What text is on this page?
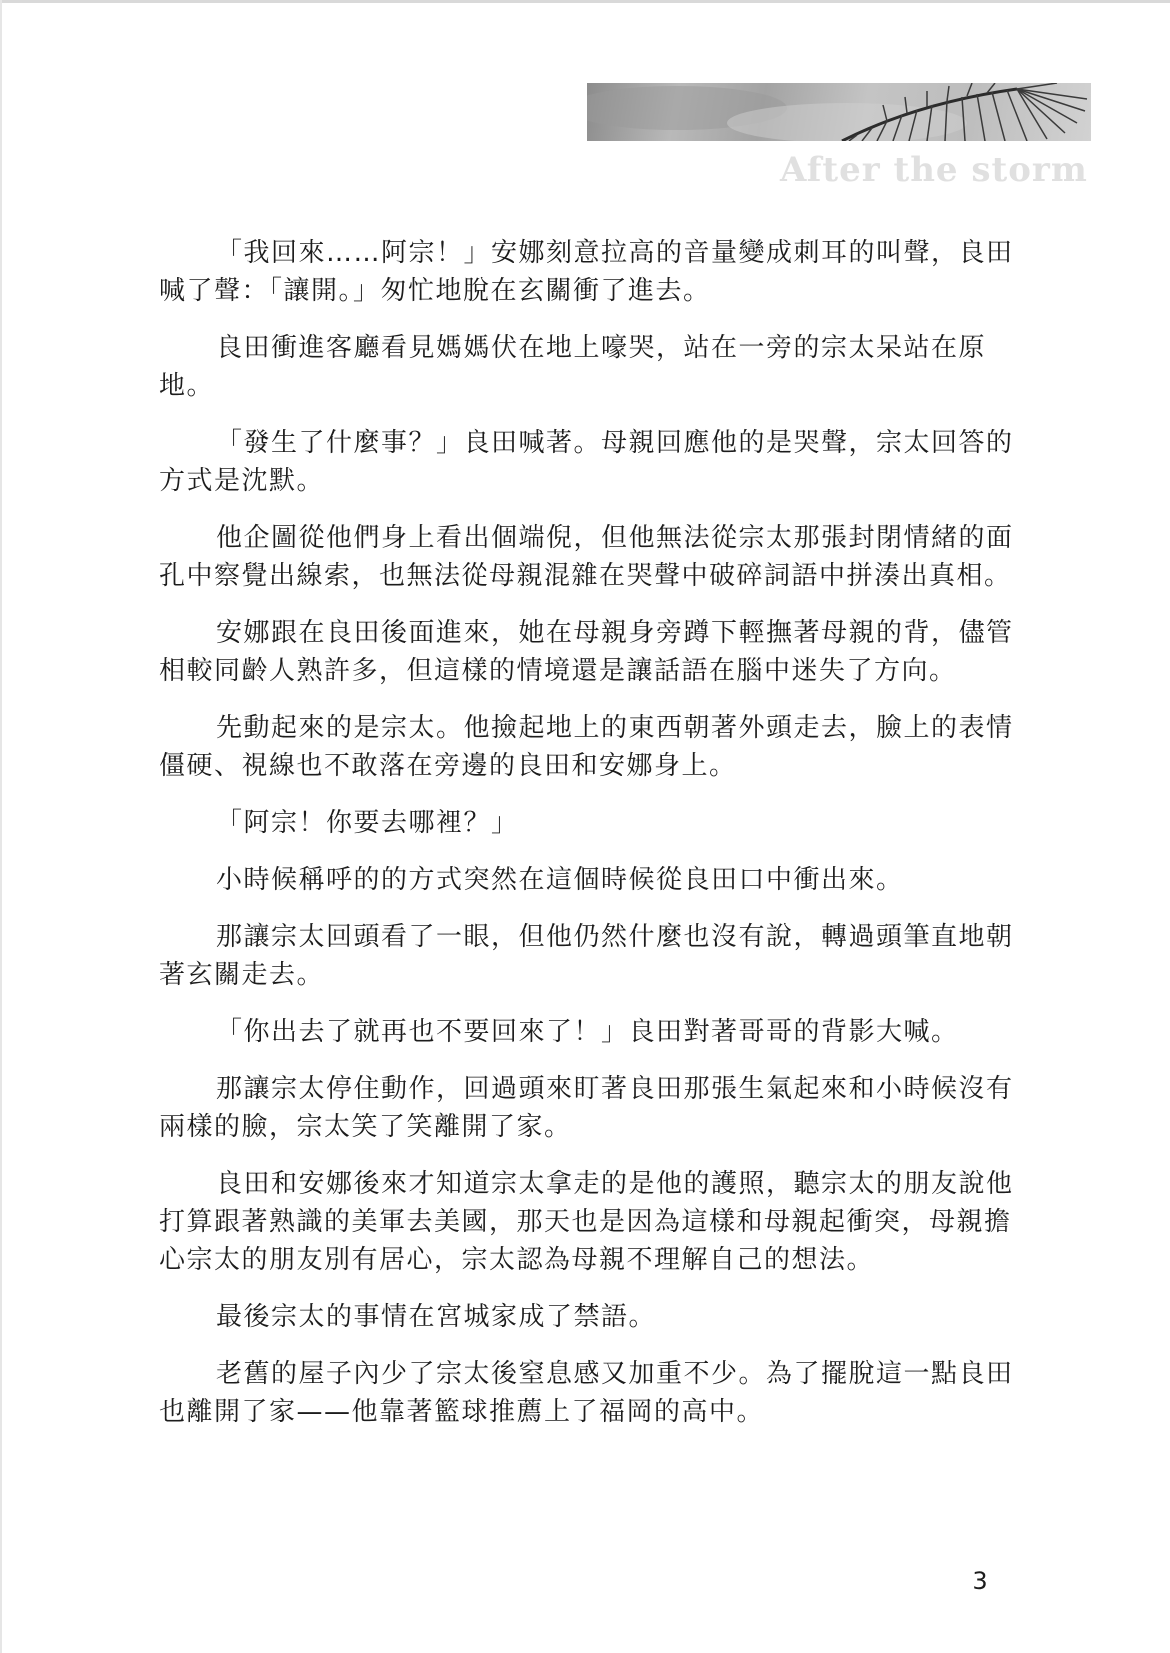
After the storm

「我回來……阿宗！」安娜刻意拉高的音量變成刺耳的叫聲，良田喊了聲：「讓開。」匆忙地脫在玄關衝了進去。

良田衝進客廳看見媽媽伏在地上嚎哭，站在一旁的宗太呆站在原地。

「發生了什麼事？」良田喊著。母親回應他的是哭聲，宗太回答的方式是沈默。

他企圖從他們身上看出個端倪，但他無法從宗太那張封閉情緒的面孔中察覺出線索，也無法從母親混雜在哭聲中破碎詞語中拼湊出真相。

安娜跟在良田後面進來，她在母親身旁蹲下輕撫著母親的背，儘管相較同齡人熟許多，但這樣的情境還是讓話語在腦中迷失了方向。

先動起來的是宗太。他撿起地上的東西朝著外頭走去，臉上的表情僵硬、視線也不敢落在旁邊的良田和安娜身上。

「阿宗！你要去哪裡？」

小時候稱呼的的方式突然在這個時候從良田口中衝出來。

那讓宗太回頭看了一眼，但他仍然什麼也沒有說，轉過頭筆直地朝著玄關走去。

「你出去了就再也不要回來了！」良田對著哥哥的背影大喊。

那讓宗太停住動作，回過頭來盯著良田那張生氣起來和小時候沒有兩樣的臉，宗太笑了笑離開了家。

良田和安娜後來才知道宗太拿走的是他的護照，聽宗太的朋友說他打算跟著熟識的美軍去美國，那天也是因為這樣和母親起衝突，母親擔心宗太的朋友別有居心，宗太認為母親不理解自己的想法。

最後宗太的事情在宮城家成了禁語。

老舊的屋子內少了宗太後窒息感又加重不少。為了擺脫這一點良田也離開了家——他靠著籃球推薦上了福岡的高中。

3
